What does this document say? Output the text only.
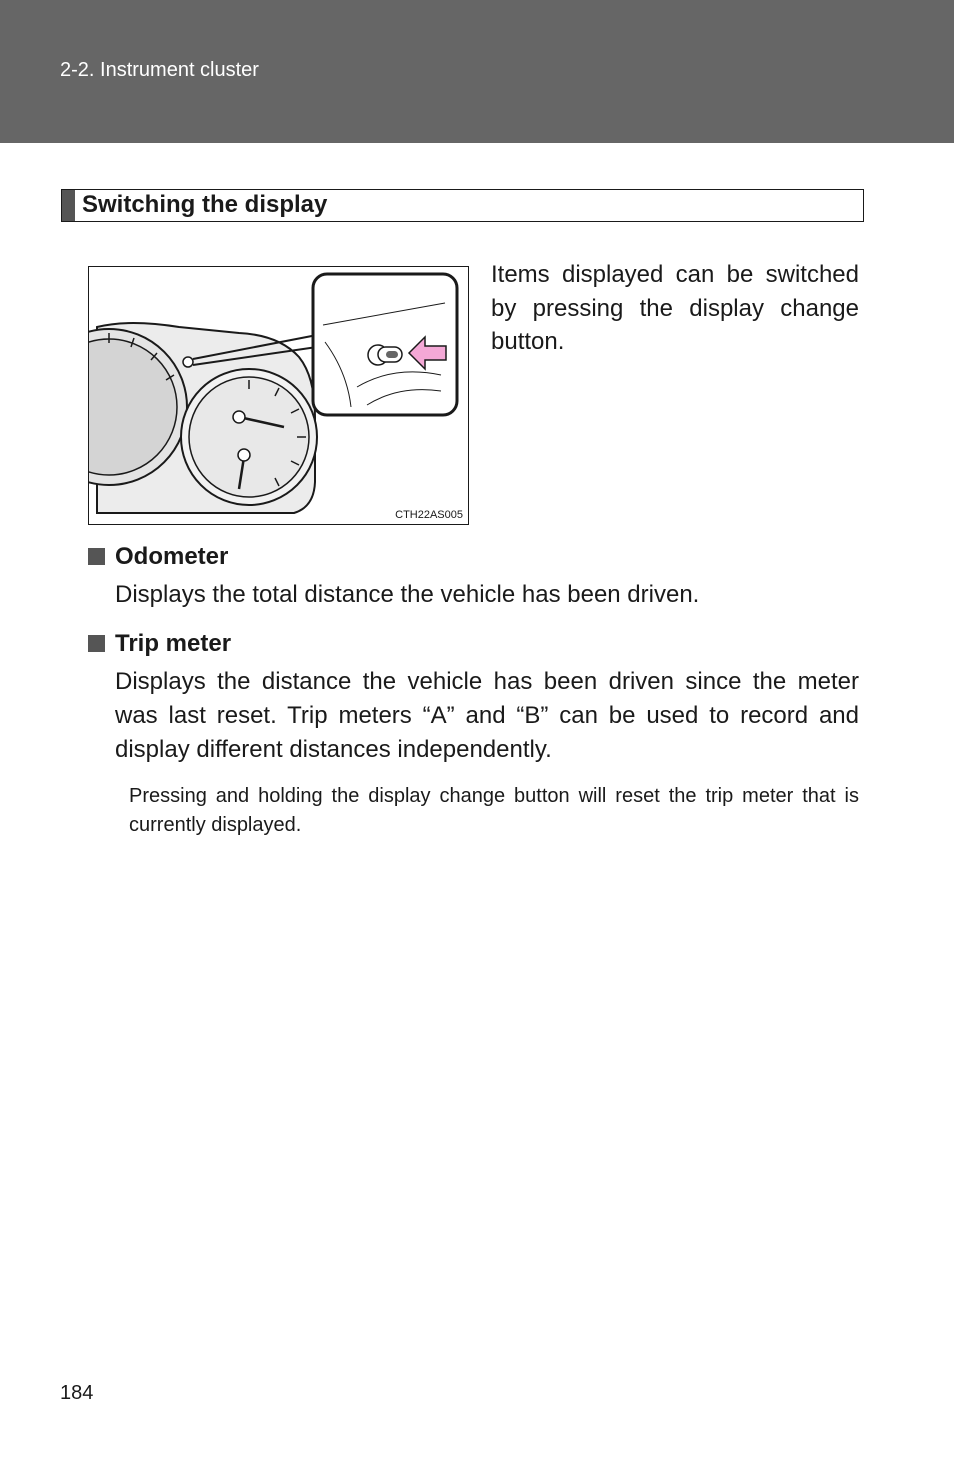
2-2. Instrument cluster
Switching the display
CTH22AS005
Items displayed can be switched by pressing the display change button.
Odometer
Displays the total distance the vehicle has been driven.
Trip meter
Displays the distance the vehicle has been driven since the meter was last reset. Trip meters “A” and “B” can be used to record and display different distances independently.
Pressing and holding the display change button will reset the trip meter that is currently displayed.
184
